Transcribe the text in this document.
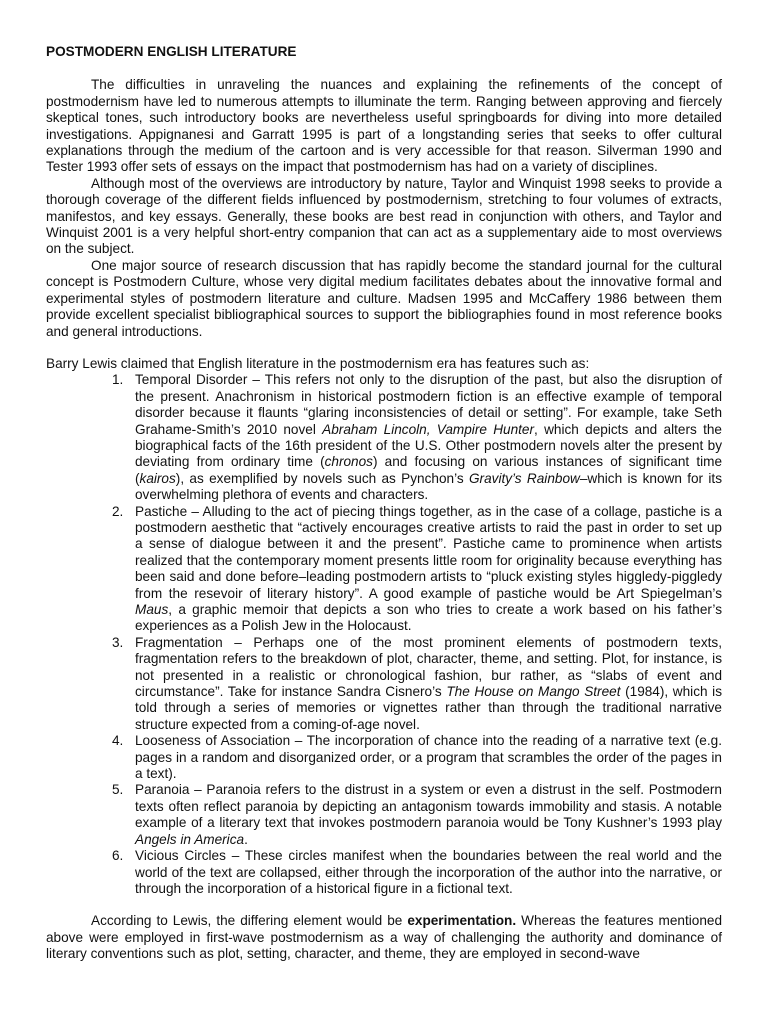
POSTMODERN ENGLISH LITERATURE

The difficulties in unraveling the nuances and explaining the refinements of the concept of postmodernism have led to numerous attempts to illuminate the term. Ranging between approving and fiercely skeptical tones, such introductory books are nevertheless useful springboards for diving into more detailed investigations. Appignanesi and Garratt 1995 is part of a longstanding series that seeks to offer cultural explanations through the medium of the cartoon and is very accessible for that reason. Silverman 1990 and Tester 1993 offer sets of essays on the impact that postmodernism has had on a variety of disciplines.

Although most of the overviews are introductory by nature, Taylor and Winquist 1998 seeks to provide a thorough coverage of the different fields influenced by postmodernism, stretching to four volumes of extracts, manifestos, and key essays. Generally, these books are best read in conjunction with others, and Taylor and Winquist 2001 is a very helpful short-entry companion that can act as a supplementary aide to most overviews on the subject.

One major source of research discussion that has rapidly become the standard journal for the cultural concept is Postmodern Culture, whose very digital medium facilitates debates about the innovative formal and experimental styles of postmodern literature and culture. Madsen 1995 and McCaffery 1986 between them provide excellent specialist bibliographical sources to support the bibliographies found in most reference books and general introductions.

Barry Lewis claimed that English literature in the postmodernism era has features such as:

1. Temporal Disorder – This refers not only to the disruption of the past, but also the disruption of the present. Anachronism in historical postmodern fiction is an effective example of temporal disorder because it flaunts “glaring inconsistencies of detail or setting”. For example, take Seth Grahame-Smith’s 2010 novel Abraham Lincoln, Vampire Hunter, which depicts and alters the biographical facts of the 16th president of the U.S. Other postmodern novels alter the present by deviating from ordinary time (chronos) and focusing on various instances of significant time (kairos), as exemplified by novels such as Pynchon’s Gravity’s Rainbow–which is known for its overwhelming plethora of events and characters.
2. Pastiche – Alluding to the act of piecing things together, as in the case of a collage, pastiche is a postmodern aesthetic that “actively encourages creative artists to raid the past in order to set up a sense of dialogue between it and the present”. Pastiche came to prominence when artists realized that the contemporary moment presents little room for originality because everything has been said and done before–leading postmodern artists to “pluck existing styles higgledy-piggledy from the resevoir of literary history”. A good example of pastiche would be Art Spiegelman’s Maus, a graphic memoir that depicts a son who tries to create a work based on his father’s experiences as a Polish Jew in the Holocaust.
3. Fragmentation – Perhaps one of the most prominent elements of postmodern texts, fragmentation refers to the breakdown of plot, character, theme, and setting. Plot, for instance, is not presented in a realistic or chronological fashion, bur rather, as “slabs of event and circumstance”. Take for instance Sandra Cisnero’s The House on Mango Street (1984), which is told through a series of memories or vignettes rather than through the traditional narrative structure expected from a coming-of-age novel.
4. Looseness of Association – The incorporation of chance into the reading of a narrative text (e.g. pages in a random and disorganized order, or a program that scrambles the order of the pages in a text).
5. Paranoia – Paranoia refers to the distrust in a system or even a distrust in the self. Postmodern texts often reflect paranoia by depicting an antagonism towards immobility and stasis. A notable example of a literary text that invokes postmodern paranoia would be Tony Kushner’s 1993 play Angels in America.
6. Vicious Circles – These circles manifest when the boundaries between the real world and the world of the text are collapsed, either through the incorporation of the author into the narrative, or through the incorporation of a historical figure in a fictional text.

According to Lewis, the differing element would be experimentation. Whereas the features mentioned above were employed in first-wave postmodernism as a way of challenging the authority and dominance of literary conventions such as plot, setting, character, and theme, they are employed in second-wave
